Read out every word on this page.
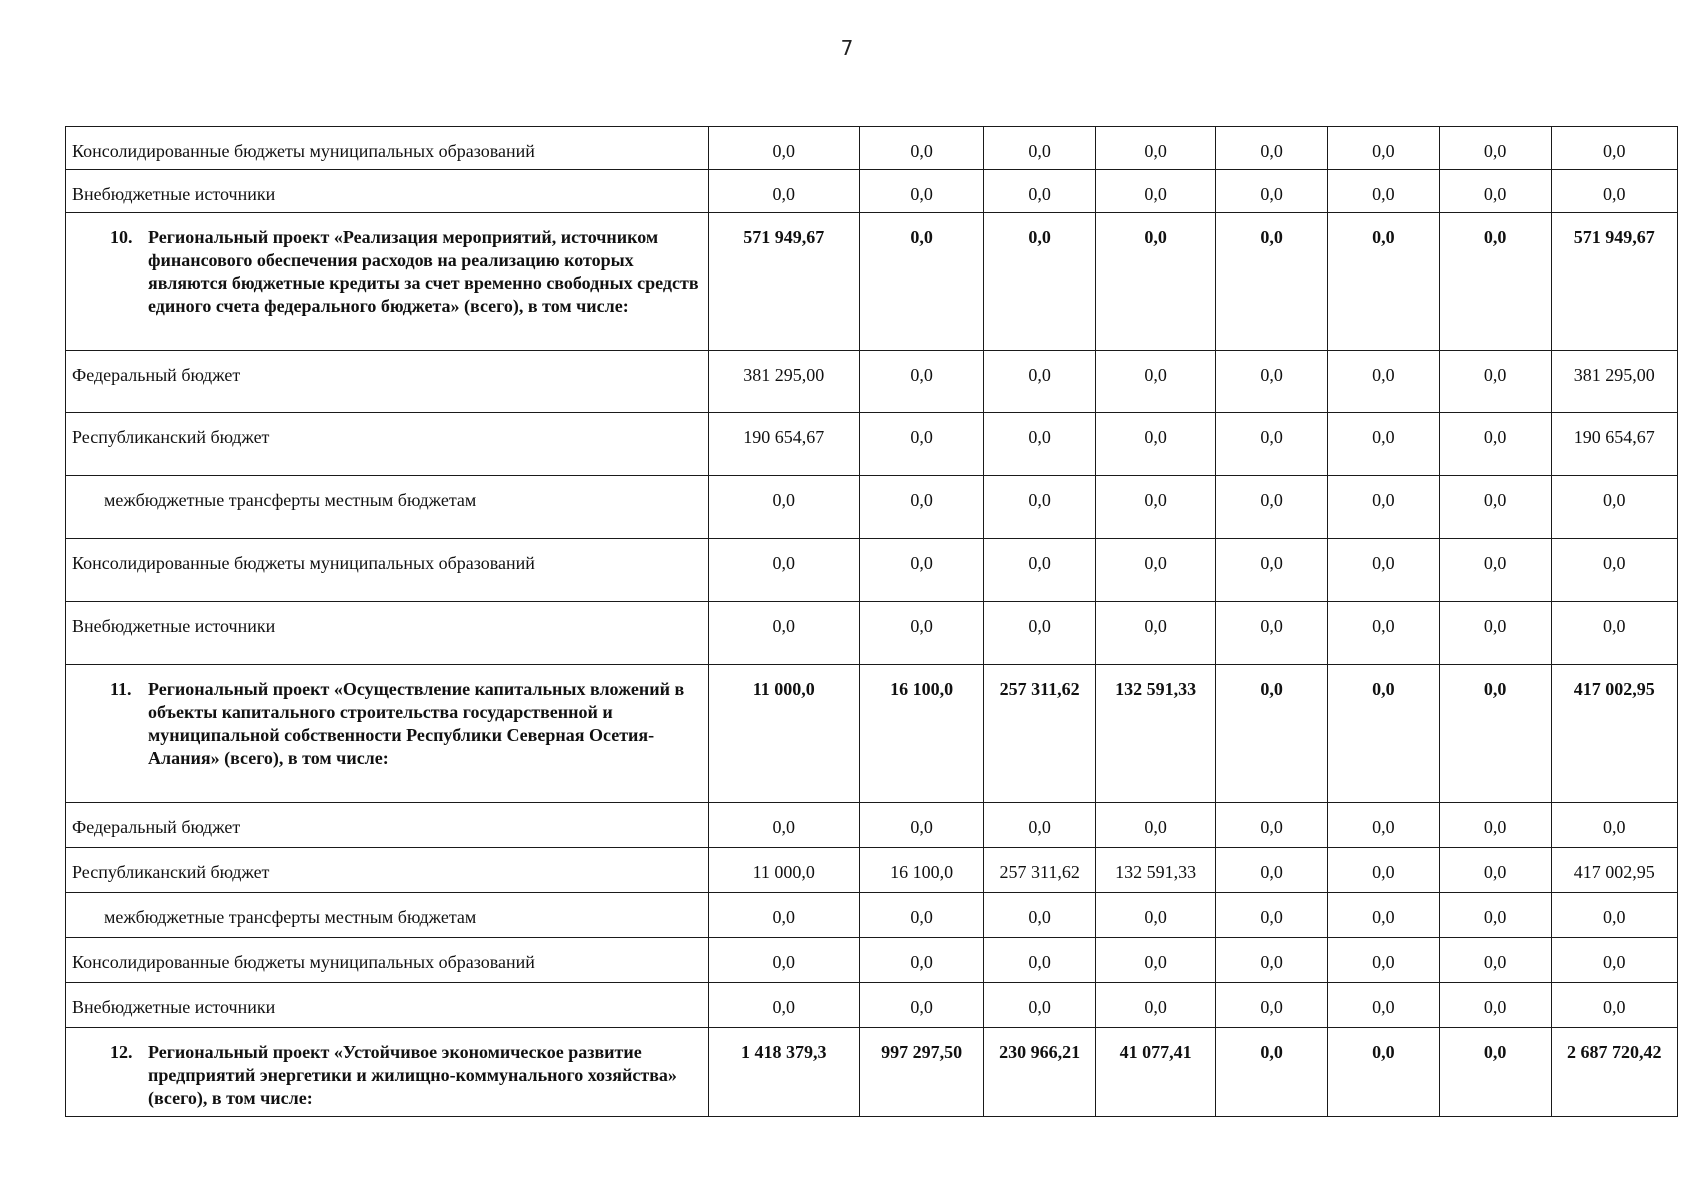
7
Консолидированные бюджеты муниципальных образований	0,0	0,0	0,0	0,0	0,0	0,0	0,0	0,0
Внебюджетные источники	0,0	0,0	0,0	0,0	0,0	0,0	0,0	0,0

10. Региональный проект «Реализация мероприятий, источником финансового обеспечения расходов на реализацию которых являются бюджетные кредиты за счет временно свободных средств единого счета федерального бюджета» (всего), в том числе:	571 949,67	0,0	0,0	0,0	0,0	0,0	0,0	571 949,67
Федеральный бюджет	381 295,00	0,0	0,0	0,0	0,0	0,0	0,0	381 295,00
Республиканский бюджет	190 654,67	0,0	0,0	0,0	0,0	0,0	0,0	190 654,67
межбюджетные трансферты местным бюджетам	0,0	0,0	0,0	0,0	0,0	0,0	0,0	0,0
Консолидированные бюджеты муниципальных образований	0,0	0,0	0,0	0,0	0,0	0,0	0,0	0,0
Внебюджетные источники	0,0	0,0	0,0	0,0	0,0	0,0	0,0	0,0

11. Региональный проект «Осуществление капитальных вложений в объекты капитального строительства государственной и муниципальной собственности Республики Северная Осетия-Алания» (всего), в том числе:	11 000,0	16 100,0	257 311,62	132 591,33	0,0	0,0	0,0	417 002,95
Федеральный бюджет	0,0	0,0	0,0	0,0	0,0	0,0	0,0	0,0
Республиканский бюджет	11 000,0	16 100,0	257 311,62	132 591,33	0,0	0,0	0,0	417 002,95
межбюджетные трансферты местным бюджетам	0,0	0,0	0,0	0,0	0,0	0,0	0,0	0,0
Консолидированные бюджеты муниципальных образований	0,0	0,0	0,0	0,0	0,0	0,0	0,0	0,0
Внебюджетные источники	0,0	0,0	0,0	0,0	0,0	0,0	0,0	0,0

12. Региональный проект «Устойчивое экономическое развитие предприятий энергетики и жилищно-коммунального хозяйства» (всего), в том числе:	1 418 379,3	997 297,50	230 966,21	41 077,41	0,0	0,0	0,0	2 687 720,42
